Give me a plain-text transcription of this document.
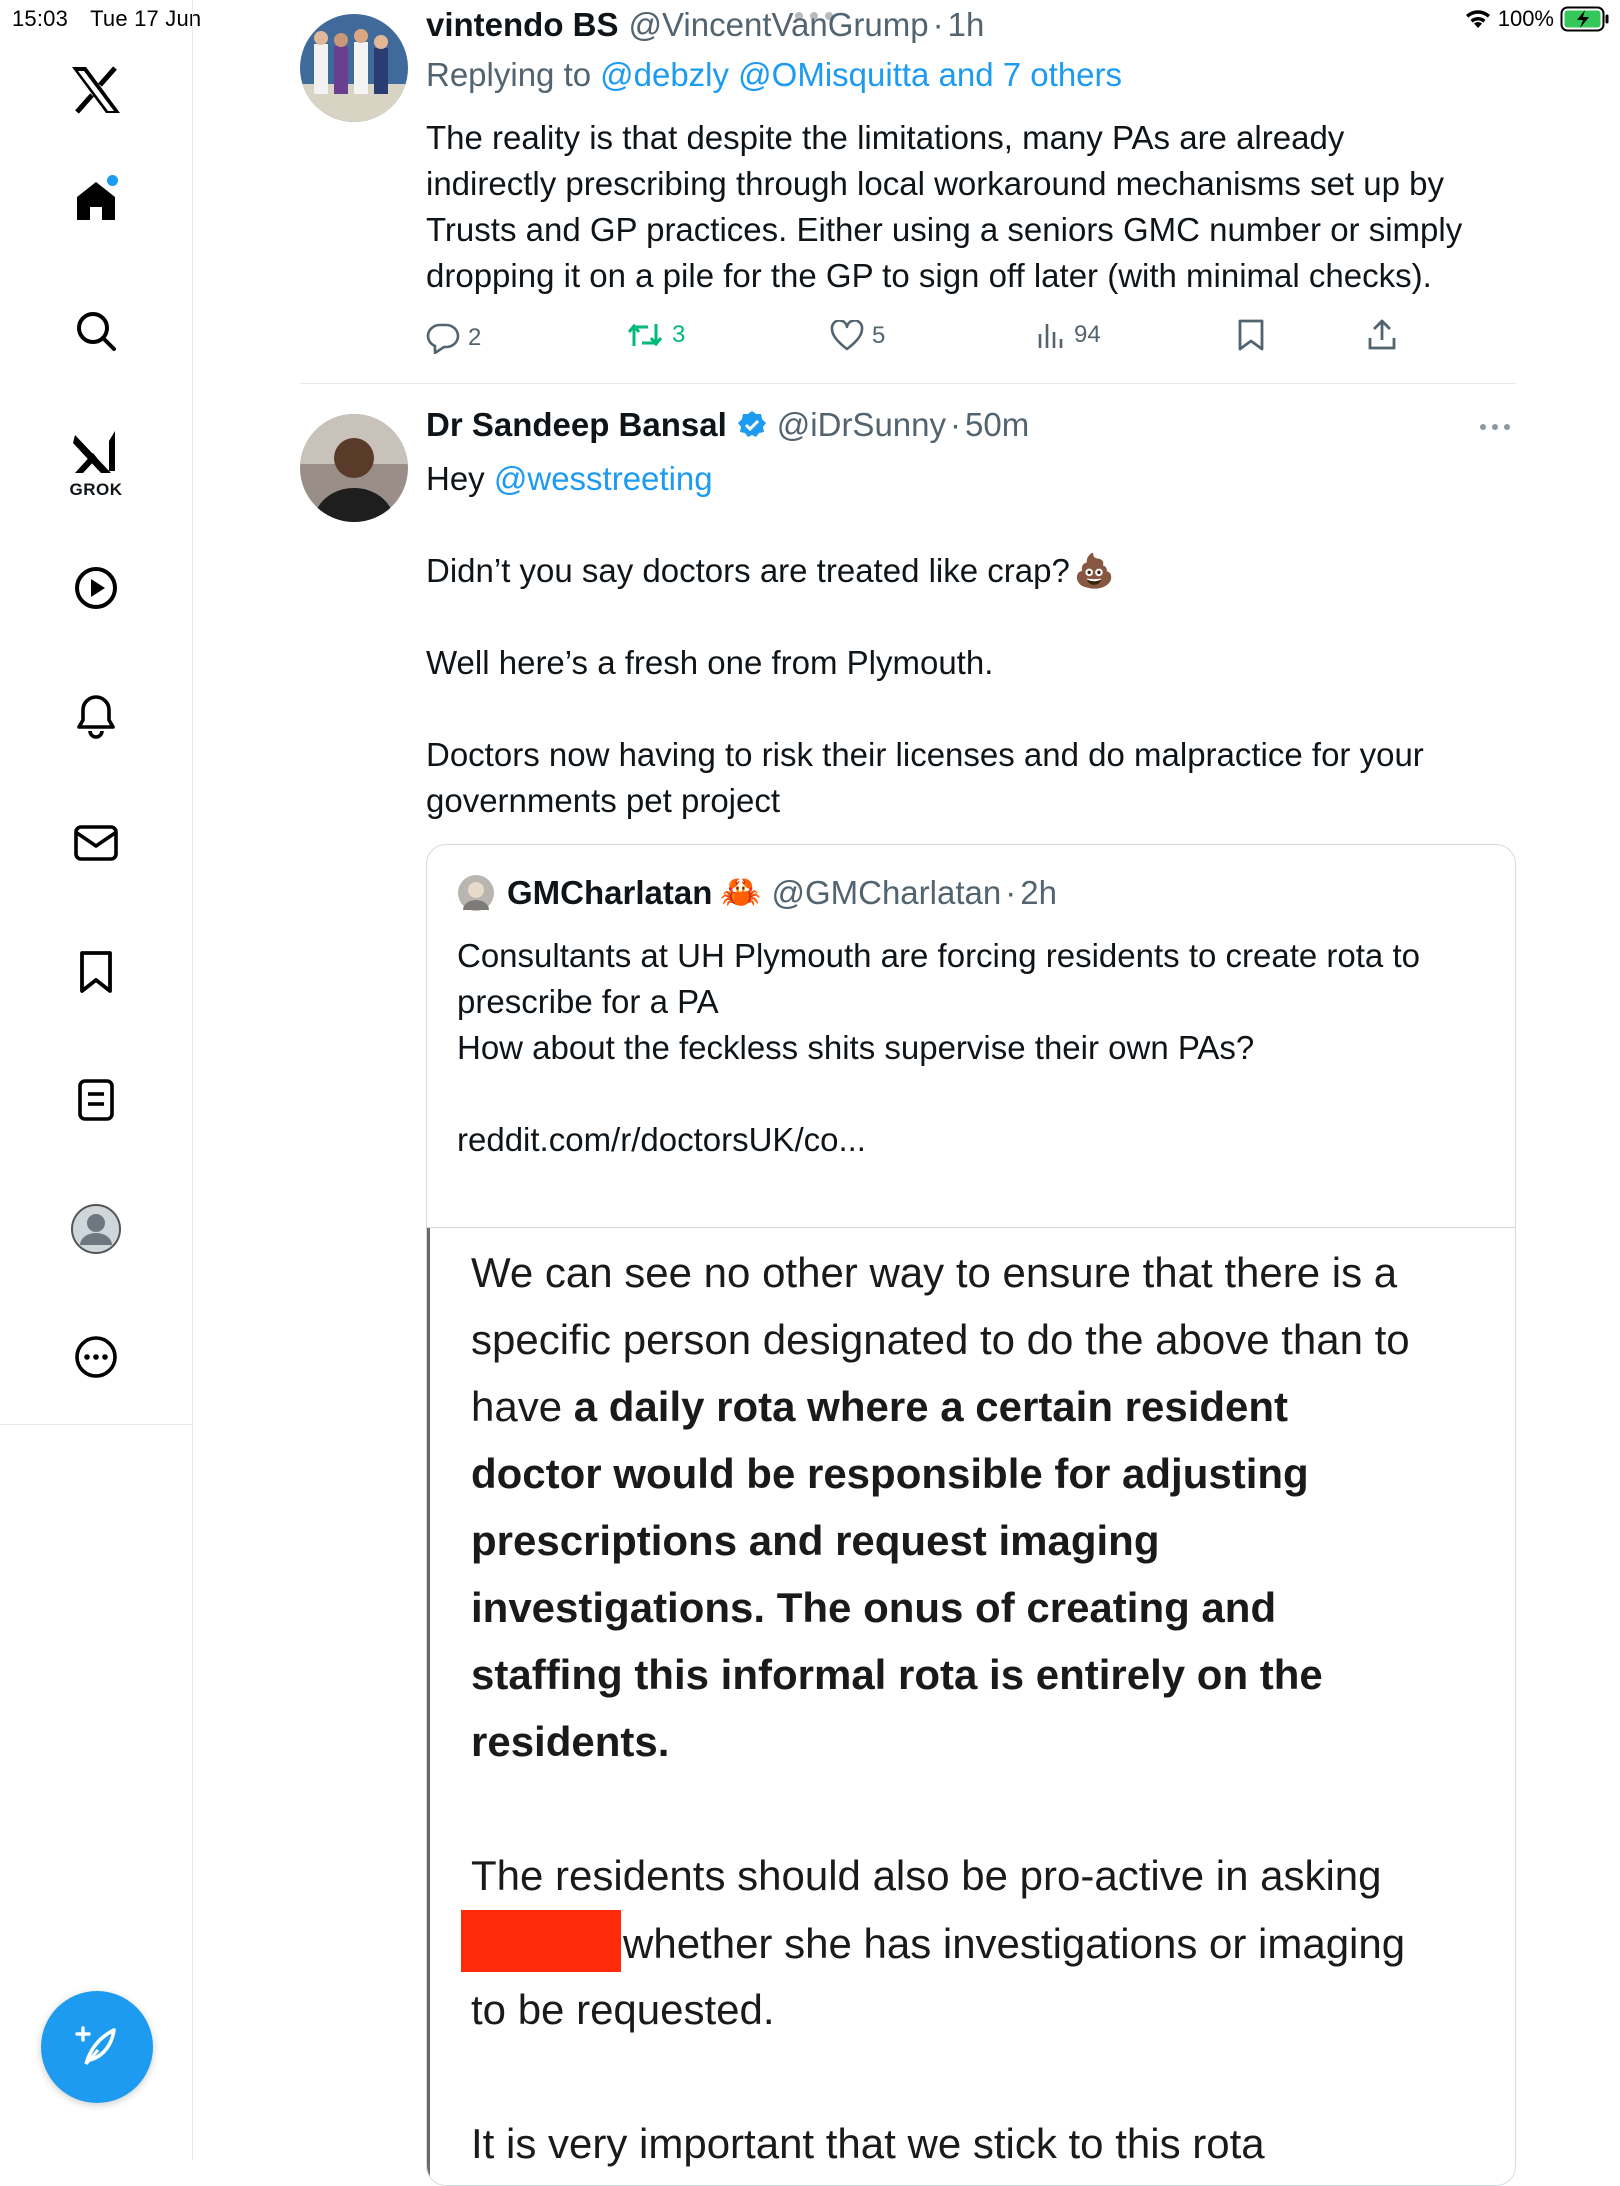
15:03 Tue 17 Jun	100%
GROK
vintendo BS @VincentVanGrump · 1h
Replying to @debzly @OMisquitta and 7 others
The reality is that despite the limitations, many PAs are already
indirectly prescribing through local workaround mechanisms set up by
Trusts and GP practices. Either using a seniors GMC number or simply
dropping it on a pile for the GP to sign off later (with minimal checks).
2	3	5	94
Dr Sandeep Bansal @iDrSunny · 50m
Hey @wesstreeting
Didn’t you say doctors are treated like crap? 💩
Well here’s a fresh one from Plymouth.
Doctors now having to risk their licenses and do malpractice for your
governments pet project
GMCharlatan 🦀 @GMCharlatan · 2h
Consultants at UH Plymouth are forcing residents to create rota to
prescribe for a PA
How about the feckless shits supervise their own PAs?
reddit.com/r/doctorsUK/co...
We can see no other way to ensure that there is a
specific person designated to do the above than to
have a daily rota where a certain resident
doctor would be responsible for adjusting
prescriptions and request imaging
investigations. The onus of creating and
staffing this informal rota is entirely on the
residents.
The residents should also be pro-active in asking
whether she has investigations or imaging
to be requested.
It is very important that we stick to this rota
